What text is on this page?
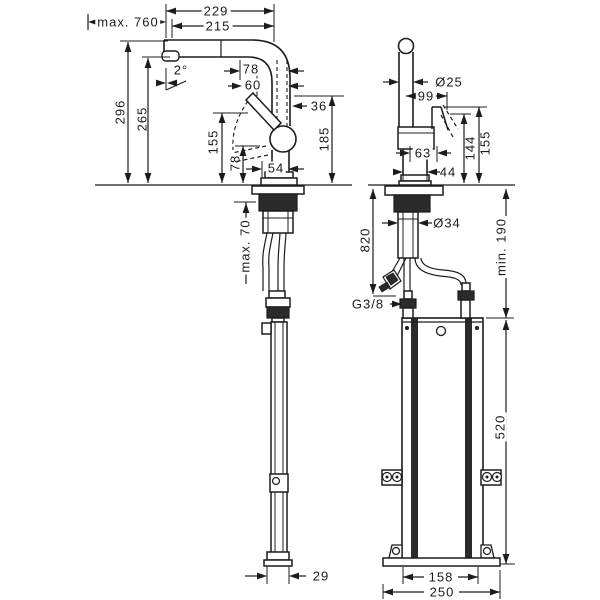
max. 760
229
215
2°	78
60
36
54
Ø25
99
63
44
Ø34
G3/8
158
250
29
296 265
185
155
78
max. 70
144 155
820	min. 190
520
